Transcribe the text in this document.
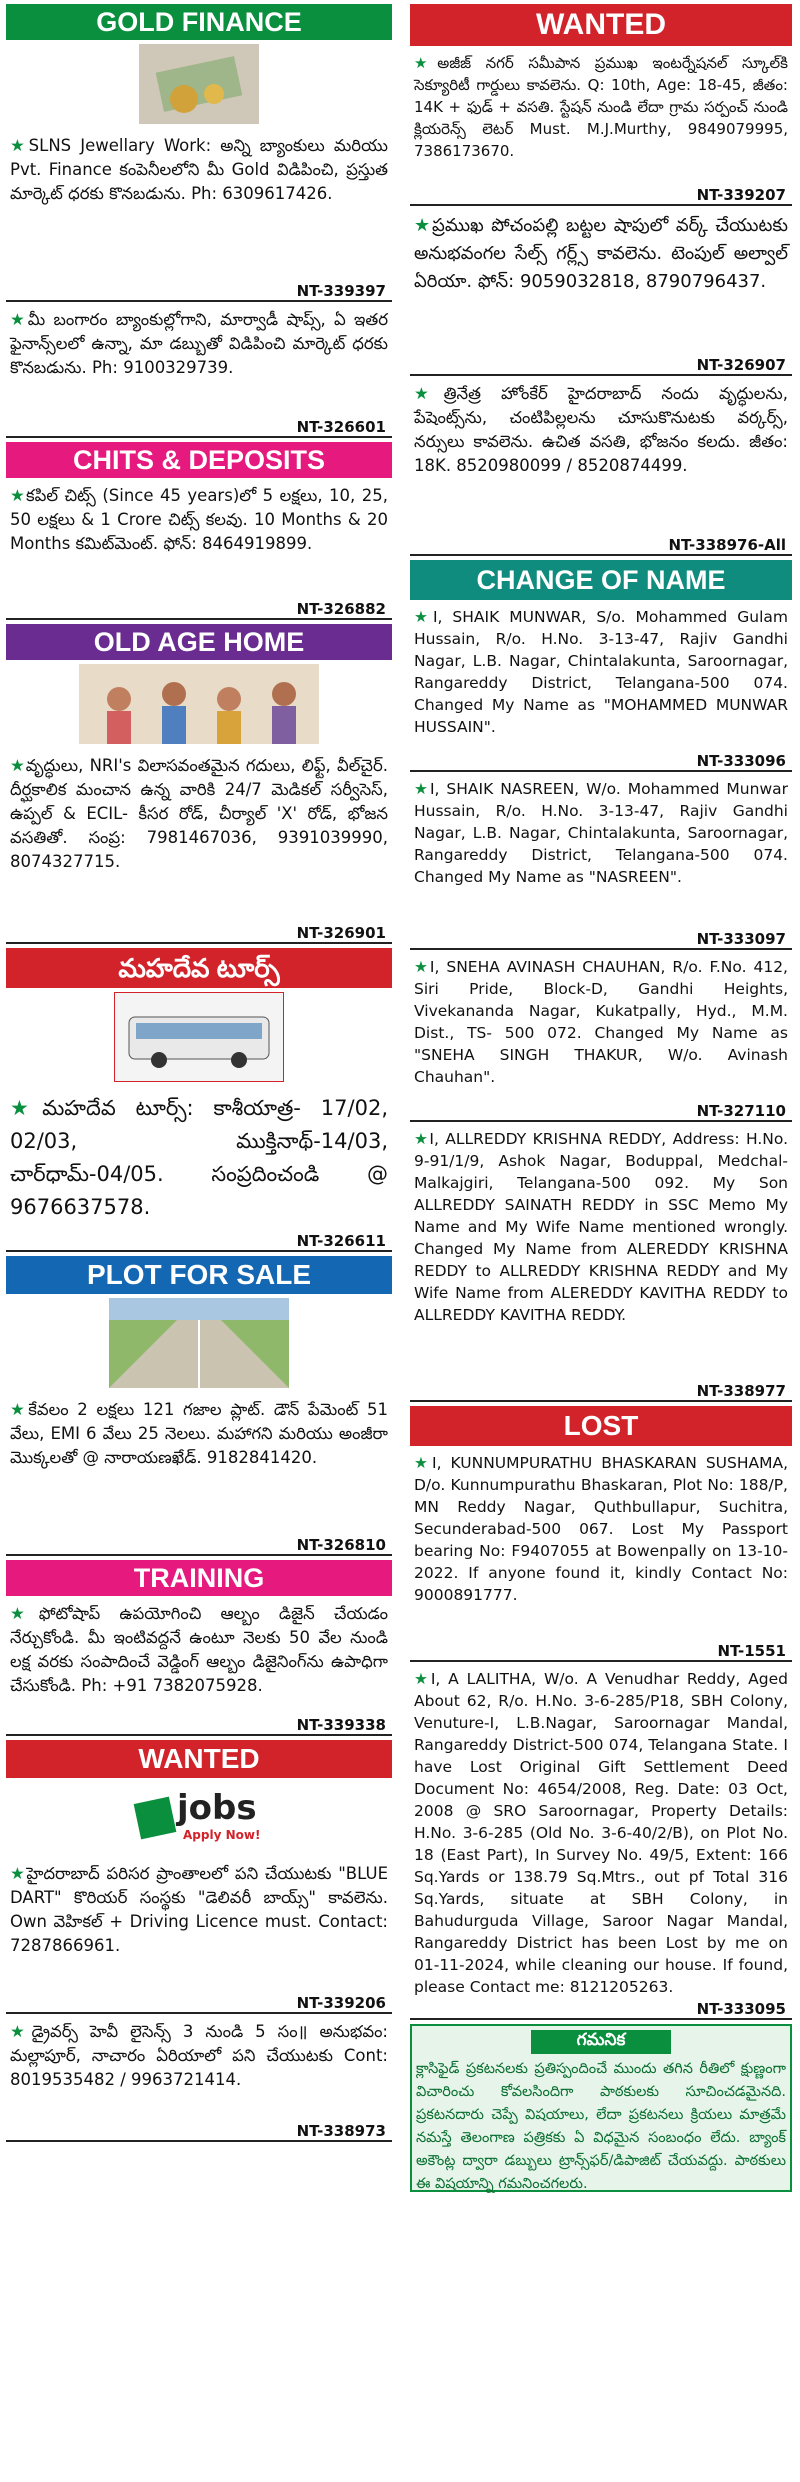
GOLD FINANCE
★SLNS Jewellary Work: అన్ని బ్యాంకులు మరియు Pvt. Finance కంపెనీలలోని మీ Gold విడిపించి, ప్రస్తుత మార్కెట్ ధరకు కొనబడును. Ph: 6309617426.
NT-339397
★మీ బంగారం బ్యాంకుల్లోగాని, మార్వాడీ షాప్స్, ఏ ఇతర ఫైనాన్స్‌లలో ఉన్నా, మా డబ్బుతో విడిపించి మార్కెట్ ధరకు కొనబడును. Ph: 9100329739.
NT-326601
CHITS & DEPOSITS
★కపిల్ చిట్స్ (Since 45 years)లో 5 లక్షలు, 10, 25, 50 లక్షలు & 1 Crore చిట్స్ కలవు. 10 Months & 20 Months కమిట్‌మెంట్. ఫోన్: 8464919899.
NT-326882
OLD AGE HOME
★వృద్ధులు, NRI's విలాసవంతమైన గదులు, లిఫ్ట్, వీల్‌చైర్. దీర్ఘకాలిక మంచాన ఉన్న వారికి 24/7 మెడికల్ సర్వీసెస్, ఉప్పల్ & ECIL- కీసర రోడ్, చీర్యాల్ 'X' రోడ్, భోజన వసతితో. సంప్ర: 7981467036, 9391039990, 8074327715.
NT-326901
మహదేవ టూర్స్
★మహదేవ టూర్స్: కాశీయాత్ర- 17/02, 02/03, ముక్తినాథ్-14/03, చార్‌ధామ్-04/05. సంప్రదించండి @ 9676637578.
NT-326611
PLOT FOR SALE
★కేవలం 2 లక్షలు 121 గజాల ప్లాట్. డౌన్ పేమెంట్ 51 వేలు, EMI 6 వేలు 25 నెలలు. మహాగని మరియు అంజీరా మొక్కలతో @ నారాయణఖేడ్. 9182841420.
NT-326810
TRAINING
★ఫోటోషాప్ ఉపయోగించి ఆల్బం డిజైన్ చేయడం నేర్చుకోండి. మీ ఇంటివద్దనే ఉంటూ నెలకు 50 వేల నుండి లక్ష వరకు సంపాదించే వెడ్డింగ్ ఆల్బం డిజైనింగ్‌ను ఉపాధిగా చేసుకోండి. Ph: +91 7382075928.
NT-339338
WANTED
jobs
Apply Now!
★హైదరాబాద్ పరిసర ప్రాంతాలలో పని చేయుటకు "BLUE DART" కొరియర్ సంస్థకు "డెలివరీ బాయ్స్" కావలెను. Own వెహికల్ + Driving Licence must. Contact: 7287866961.
NT-339206
★డ్రైవర్స్ హెవీ లైసెన్స్ 3 నుండి 5 సం॥ అనుభవం: మల్లాపూర్, నాచారం ఏరియాలో పని చేయుటకు Cont: 8019535482 / 9963721414.
NT-338973
WANTED
★అజీజ్ నగర్ సమీపాన ప్రముఖ ఇంటర్నేషనల్ స్కూల్‌కి సెక్యూరిటీ గార్డులు కావలెను. Q: 10th, Age: 18-45, జీతం: 14K + ఫుడ్ + వసతి. స్టేషన్ నుండి లేదా గ్రామ సర్పంచ్ నుండి క్లియరెన్స్ లెటర్ Must. M.J.Murthy, 9849079995, 7386173670.
NT-339207
★ప్రముఖ పోచంపల్లి బట్టల షాపులో వర్క్ చేయుటకు అనుభవంగల సేల్స్ గర్ల్స్ కావలెను. టెంపుల్ అల్వాల్ ఏరియా. ఫోన్: 9059032818, 8790796437.
NT-326907
★త్రినేత్ర హోంకేర్ హైదరాబాద్ నందు వృద్ధులను, పేషెంట్స్‌ను, చంటిపిల్లలను చూసుకొనుటకు వర్కర్స్, నర్సులు కావలెను. ఉచిత వసతి, భోజనం కలదు. జీతం: 18K. 8520980099 / 8520874499.
NT-338976-All
CHANGE OF NAME
★I, SHAIK MUNWAR, S/o. Mohammed Gulam Hussain, R/o. H.No. 3-13-47, Rajiv Gandhi Nagar, L.B. Nagar, Chintalakunta, Saroornagar, Rangareddy District, Telangana-500 074. Changed My Name as "MOHAMMED MUNWAR HUSSAIN".
NT-333096
★I, SHAIK NASREEN, W/o. Mohammed Munwar Hussain, R/o. H.No. 3-13-47, Rajiv Gandhi Nagar, L.B. Nagar, Chintalakunta, Saroornagar, Rangareddy District, Telangana-500 074. Changed My Name as "NASREEN".
NT-333097
★I, SNEHA AVINASH CHAUHAN, R/o. F.No. 412, Siri Pride, Block-D, Gandhi Heights, Vivekananda Nagar, Kukatpally, Hyd., M.M. Dist., TS- 500 072. Changed My Name as "SNEHA SINGH THAKUR, W/o. Avinash Chauhan".
NT-327110
★I, ALLREDDY KRISHNA REDDY, Address: H.No. 9-91/1/9, Ashok Nagar, Boduppal, Medchal-Malkajgiri, Telangana-500 092. My Son ALLREDDY SAINATH REDDY in SSC Memo My Name and My Wife Name mentioned wrongly. Changed My Name from ALEREDDY KRISHNA REDDY to ALLREDDY KRISHNA REDDY and My Wife Name from ALEREDDY KAVITHA REDDY to ALLREDDY KAVITHA REDDY.
NT-338977
LOST
★I, KUNNUMPURATHU BHASKARAN SUSHAMA, D/o. Kunnumpurathu Bhaskaran, Plot No: 188/P, MN Reddy Nagar, Quthbullapur, Suchitra, Secunderabad-500 067. Lost My Passport bearing No: F9407055 at Bowenpally on 13-10-2022. If anyone found it, kindly Contact No: 9000891777.
NT-1551
★I, A LALITHA, W/o. A Venudhar Reddy, Aged About 62, R/o. H.No. 3-6-285/P18, SBH Colony, Venuture-I, L.B.Nagar, Saroornagar Mandal, Rangareddy District-500 074, Telangana State. I have Lost Original Gift Settlement Deed Document No: 4654/2008, Reg. Date: 03 Oct, 2008 @ SRO Saroornagar, Property Details: H.No. 3-6-285 (Old No. 3-6-40/2/B), on Plot No. 18 (East Part), In Survey No. 49/5, Extent: 166 Sq.Yards or 138.79 Sq.Mtrs., out pf Total 316 Sq.Yards, situate at SBH Colony, in Bahudurguda Village, Saroor Nagar Mandal, Rangareddy District has been Lost by me on 01-11-2024, while cleaning our house. If found, please Contact me: 8121205263.
NT-333095
గమనిక
క్లాసిఫైడ్ ప్రకటనలకు ప్రతిస్పందించే ముందు తగిన రీతిలో క్షుణ్ణంగా విచారించు కోవలసిందిగా పాఠకులకు సూచించడమైనది. ప్రకటనదారు చెప్పే విషయాలు, లేదా ప్రకటనలు క్రియలు మాత్రమే నమస్తే తెలంగాణ పత్రికకు ఏ విధమైన సంబంధం లేదు. బ్యాంక్ అకౌంట్ల ద్వారా డబ్బులు ట్రాన్స్‌ఫర్/డిపాజిట్ చేయవద్దు. పాఠకులు ఈ విషయాన్ని గమనించగలరు.
